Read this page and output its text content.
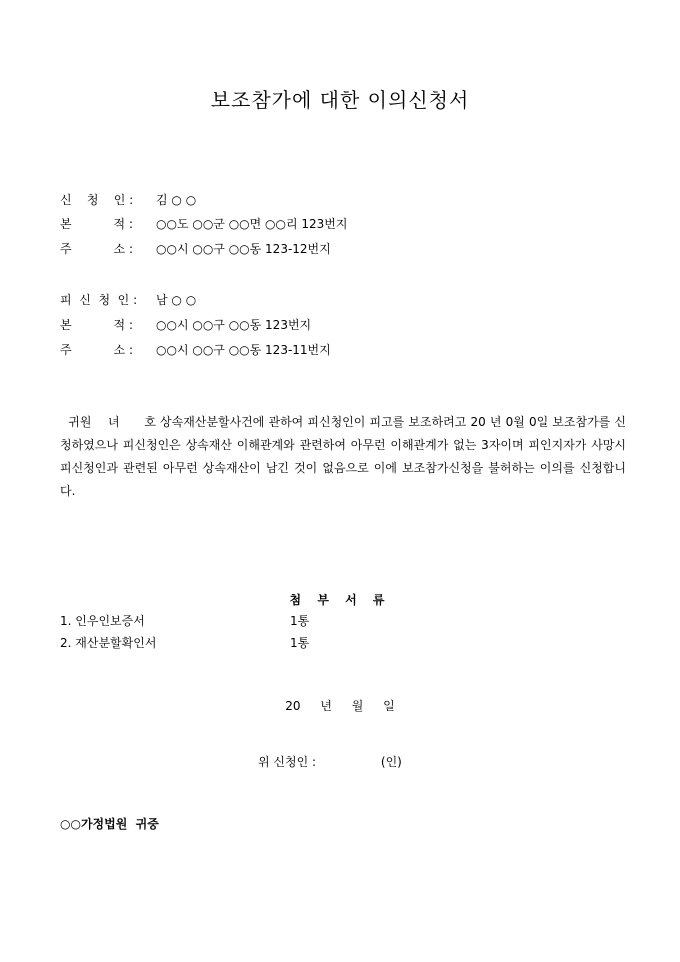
보조참가에 대한 이의신청서
신    청    인 : 김 ○ ○
본           적 : ○○도 ○○군 ○○면 ○○리 123번지
주           소 : ○○시 ○○구 ○○동 123-12번지
피  신  청  인 : 남 ○ ○
본           적 : ○○시 ○○구 ○○동 123번지
주           소 : ○○시 ○○구 ○○동 123-11번지
귀원    녀      호 상속재산분할사건에 관하여 피신청인이 피고를 보조하려고 20 년 0월 0일 보조참가를 신청하였으나 피신청인은 상속재산 이해관계와 관련하여 아무런 이해관계가 없는 3자이며 피인지자가 사망시 피신청인과 관련된 아무런 상속재산이 남긴 것이 없음으로 이에 보조참가신청을 불허하는 이의를 신청합니다.
첨 부 서 류
1. 인우인보증서	1통
2. 재산분할확인서	1통
20 년 월 일
위 신청인 :                 (인)
○○가정법원  귀중
